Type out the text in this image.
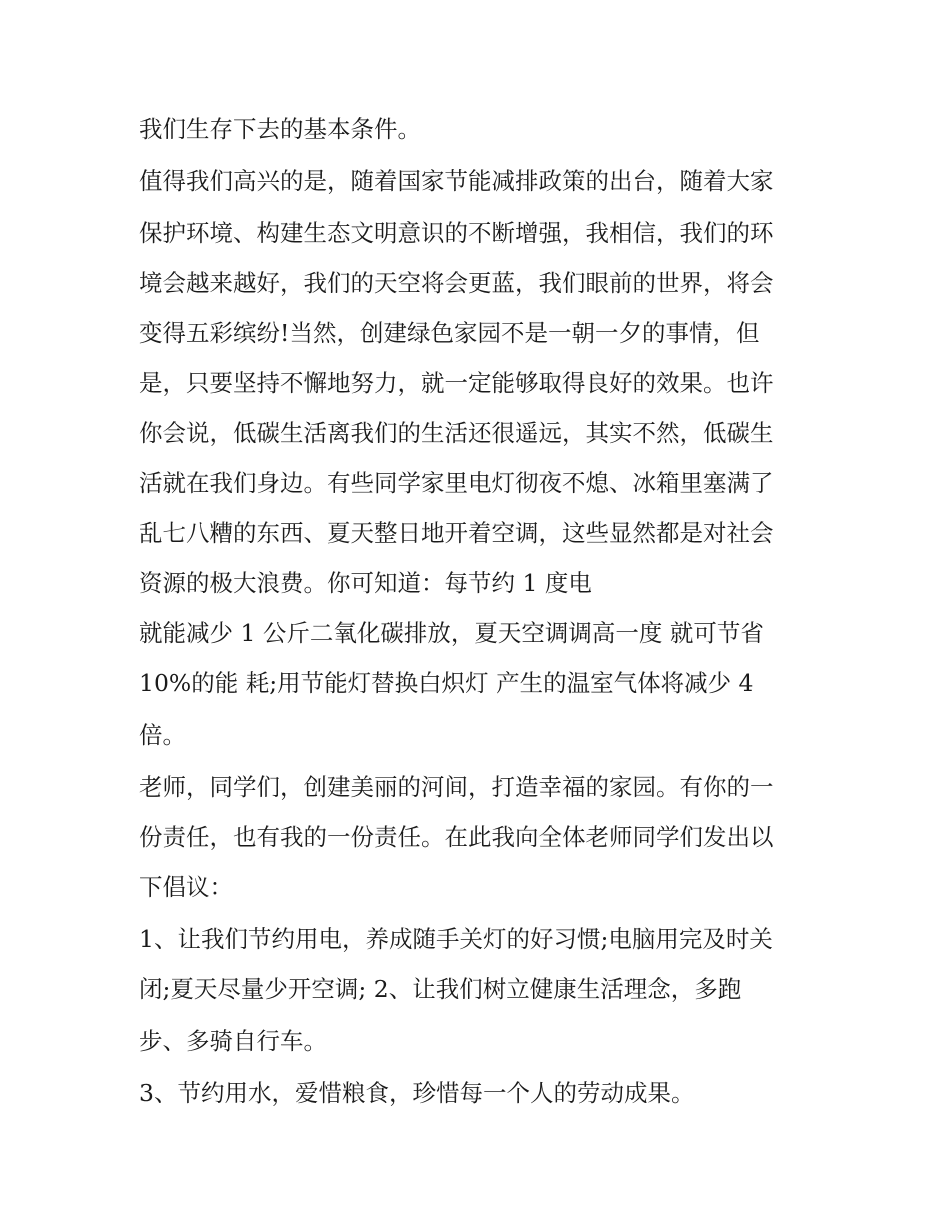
我们生存下去的基本条件。
值得我们高兴的是，随着国家节能减排政策的出台，随着大家
保护环境、构建生态文明意识的不断增强，我相信，我们的环
境会越来越好，我们的天空将会更蓝，我们眼前的世界，将会
变得五彩缤纷!当然，创建绿色家园不是一朝一夕的事情，但
是，只要坚持不懈地努力，就一定能够取得良好的效果。也许
你会说，低碳生活离我们的生活还很遥远，其实不然，低碳生
活就在我们身边。有些同学家里电灯彻夜不熄、冰箱里塞满了
乱七八糟的东西、夏天整日地开着空调，这些显然都是对社会
资源的极大浪费。你可知道：每节约 1 度电
就能减少 1 公斤二氧化碳排放，夏天空调调高一度 就可节省
10%的能 耗;用节能灯替换白炽灯 产生的温室气体将减少 4
倍。
老师，同学们，创建美丽的河间，打造幸福的家园。有你的一
份责任，也有我的一份责任。在此我向全体老师同学们发出以
下倡议：
1、让我们节约用电，养成随手关灯的好习惯;电脑用完及时关
闭;夏天尽量少开空调; 2、让我们树立健康生活理念，多跑
步、多骑自行车。
3、节约用水，爱惜粮食，珍惜每一个人的劳动成果。
